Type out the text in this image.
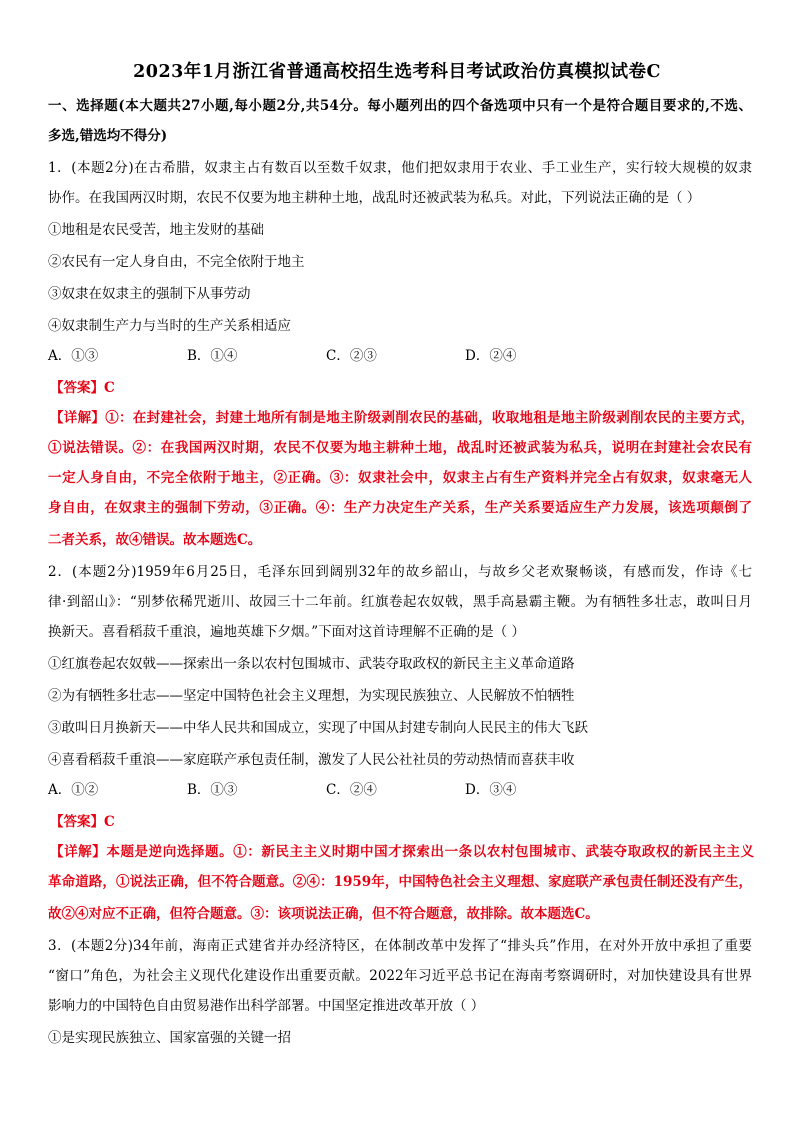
2023年1月浙江省普通高校招生选考科目考试政治仿真模拟试卷C
一、选择题(本大题共27小题,每小题2分,共54分。每小题列出的四个备选项中只有一个是符合题目要求的,不选、
多选,错选均不得分)
1．(本题2分)在古希腊，奴隶主占有数百以至数千奴隶，他们把奴隶用于农业、手工业生产，实行较大规模的奴隶
协作。在我国两汉时期，农民不仅要为地主耕种土地，战乱时还被武装为私兵。对此，下列说法正确的是（ ）
①地租是农民受苦，地主发财的基础
②农民有一定人身自由，不完全依附于地主
③奴隶在奴隶主的强制下从事劳动
④奴隶制生产力与当时的生产关系相适应
A．①③	B．①④	C．②③	D．②④
【答案】C
【详解】①：在封建社会，封建土地所有制是地主阶级剥削农民的基础，收取地租是地主阶级剥削农民的主要方式，
①说法错误。②：在我国两汉时期，农民不仅要为地主耕种土地，战乱时还被武装为私兵，说明在封建社会农民有
一定人身自由，不完全依附于地主，②正确。③：奴隶社会中，奴隶主占有生产资料并完全占有奴隶，奴隶毫无人
身自由，在奴隶主的强制下劳动，③正确。④：生产力决定生产关系，生产关系要适应生产力发展，该选项颠倒了
二者关系，故④错误。故本题选C。
2．(本题2分)1959年6月25日，毛泽东回到阔别32年的故乡韶山，与故乡父老欢聚畅谈，有感而发，作诗《七
律·到韶山》：“别梦依稀咒逝川、故园三十二年前。红旗卷起农奴戟，黑手高悬霸主鞭。为有牺牲多壮志，敢叫日月
换新天。喜看稻菽千重浪，遍地英雄下夕烟。”下面对这首诗理解不正确的是（ ）
①红旗卷起农奴戟——探索出一条以农村包围城市、武装夺取政权的新民主主义革命道路
②为有牺牲多壮志——坚定中国特色社会主义理想，为实现民族独立、人民解放不怕牺牲
③敢叫日月换新天——中华人民共和国成立，实现了中国从封建专制向人民民主的伟大飞跃
④喜看稻菽千重浪——家庭联产承包责任制，激发了人民公社社员的劳动热情而喜获丰收
A．①②	B．①③	C．②④	D．③④
【答案】C
【详解】本题是逆向选择题。①：新民主主义时期中国才探索出一条以农村包围城市、武装夺取政权的新民主主义
革命道路，①说法正确，但不符合题意。②④：1959年，中国特色社会主义理想、家庭联产承包责任制还没有产生，
故②④对应不正确，但符合题意。③：该项说法正确，但不符合题意，故排除。故本题选C。
3．(本题2分)34年前，海南正式建省并办经济特区，在体制改革中发挥了“排头兵”作用，在对外开放中承担了重要
“窗口”角色，为社会主义现代化建设作出重要贡献。2022年习近平总书记在海南考察调研时，对加快建设具有世界
影响力的中国特色自由贸易港作出科学部署。中国坚定推进改革开放（ ）
①是实现民族独立、国家富强的关键一招
